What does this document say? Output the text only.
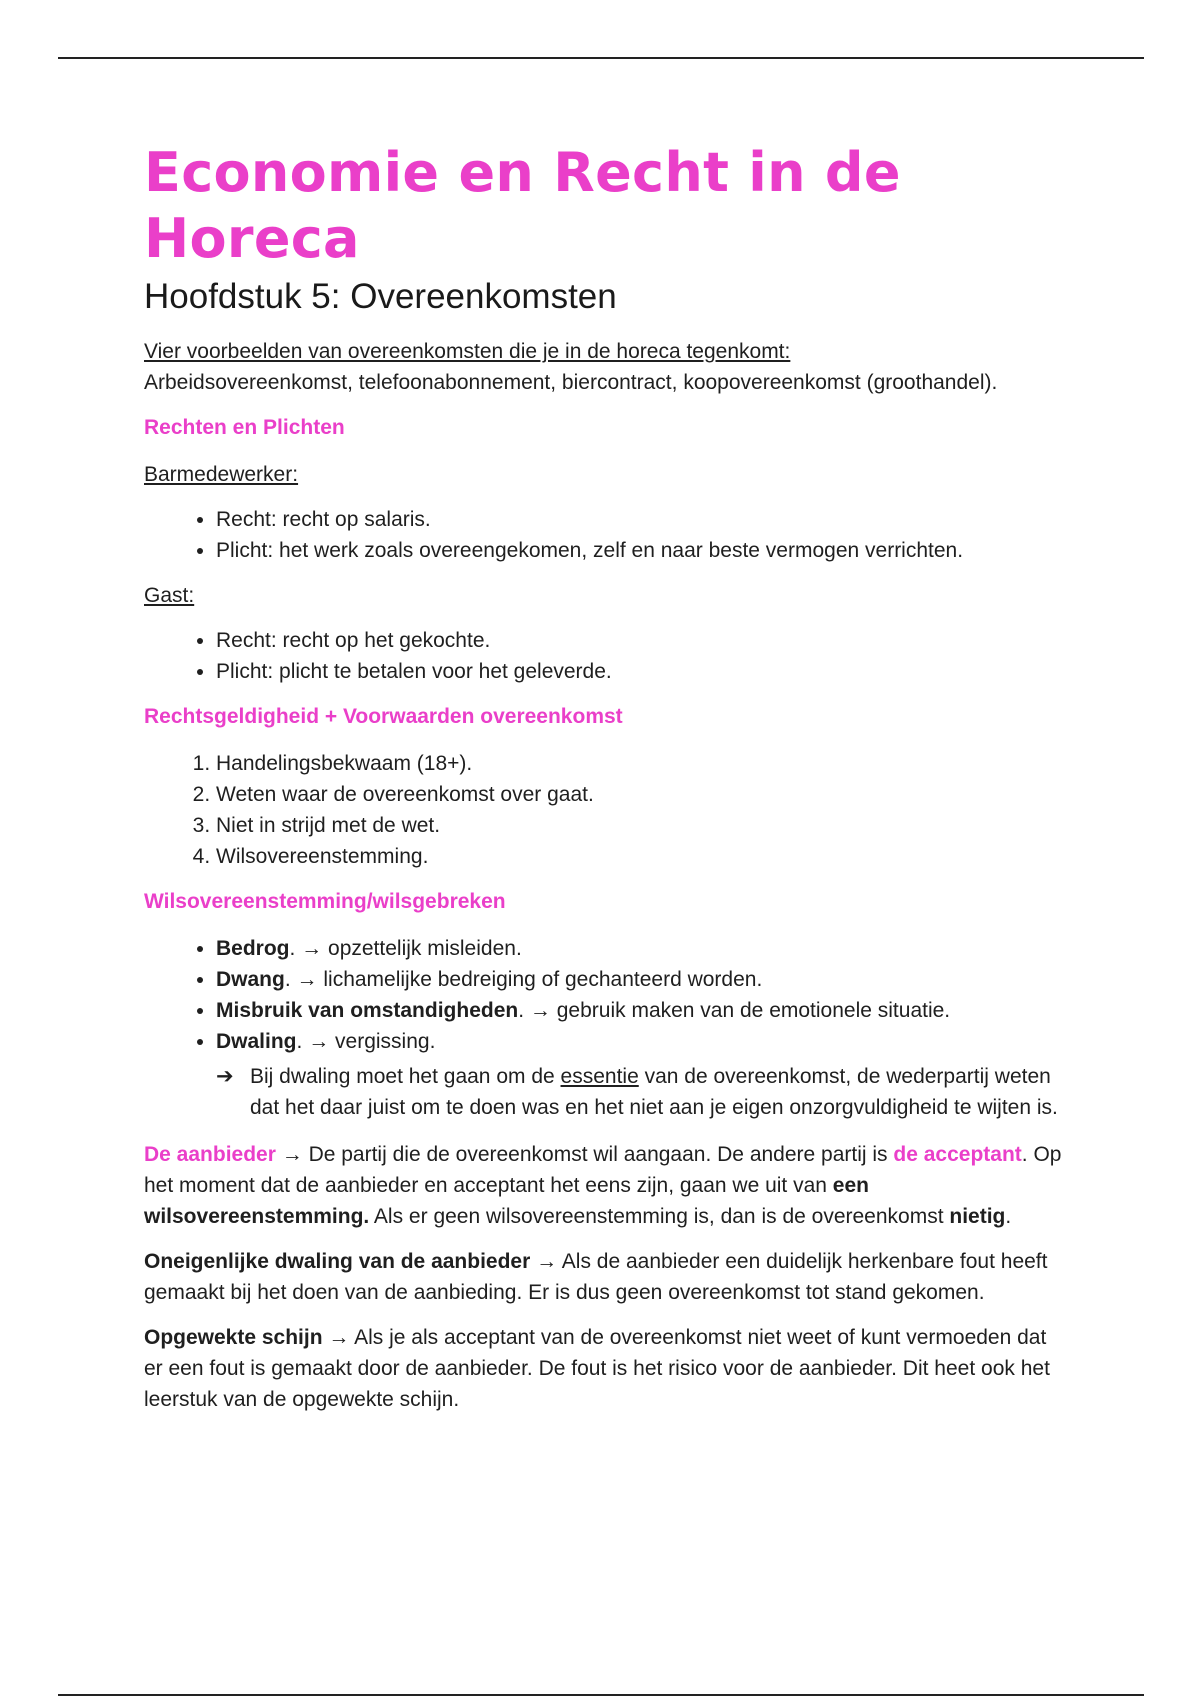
Economie en Recht in de Horeca
Hoofdstuk 5: Overeenkomsten

Vier voorbeelden van overeenkomsten die je in de horeca tegenkomt:
Arbeidsovereenkomst, telefoonabonnement, biercontract, koopovereenkomst (groothandel).

Rechten en Plichten

Barmedewerker:

• Recht: recht op salaris.
• Plicht: het werk zoals overeengekomen, zelf en naar beste vermogen verrichten.

Gast:

• Recht: recht op het gekochte.
• Plicht: plicht te betalen voor het geleverde.

Rechtsgeldigheid + Voorwaarden overeenkomst

1. Handelingsbekwaam (18+).
2. Weten waar de overeenkomst over gaat.
3. Niet in strijd met de wet.
4. Wilsovereenstemming.

Wilsovereenstemming/wilsgebreken

• Bedrog. → opzettelijk misleiden.
• Dwang. → lichamelijke bedreiging of gechanteerd worden.
• Misbruik van omstandigheden. → gebruik maken van de emotionele situatie.
• Dwaling. → vergissing.
➔ Bij dwaling moet het gaan om de essentie van de overeenkomst, de wederpartij weten dat het daar juist om te doen was en het niet aan je eigen onzorgvuldigheid te wijten is.

De aanbieder → De partij die de overeenkomst wil aangaan. De andere partij is de acceptant. Op het moment dat de aanbieder en acceptant het eens zijn, gaan we uit van een wilsovereenstemming. Als er geen wilsovereenstemming is, dan is de overeenkomst nietig.

Oneigenlijke dwaling van de aanbieder → Als de aanbieder een duidelijk herkenbare fout heeft gemaakt bij het doen van de aanbieding. Er is dus geen overeenkomst tot stand gekomen.

Opgewekte schijn → Als je als acceptant van de overeenkomst niet weet of kunt vermoeden dat er een fout is gemaakt door de aanbieder. De fout is het risico voor de aanbieder. Dit heet ook het leerstuk van de opgewekte schijn.
